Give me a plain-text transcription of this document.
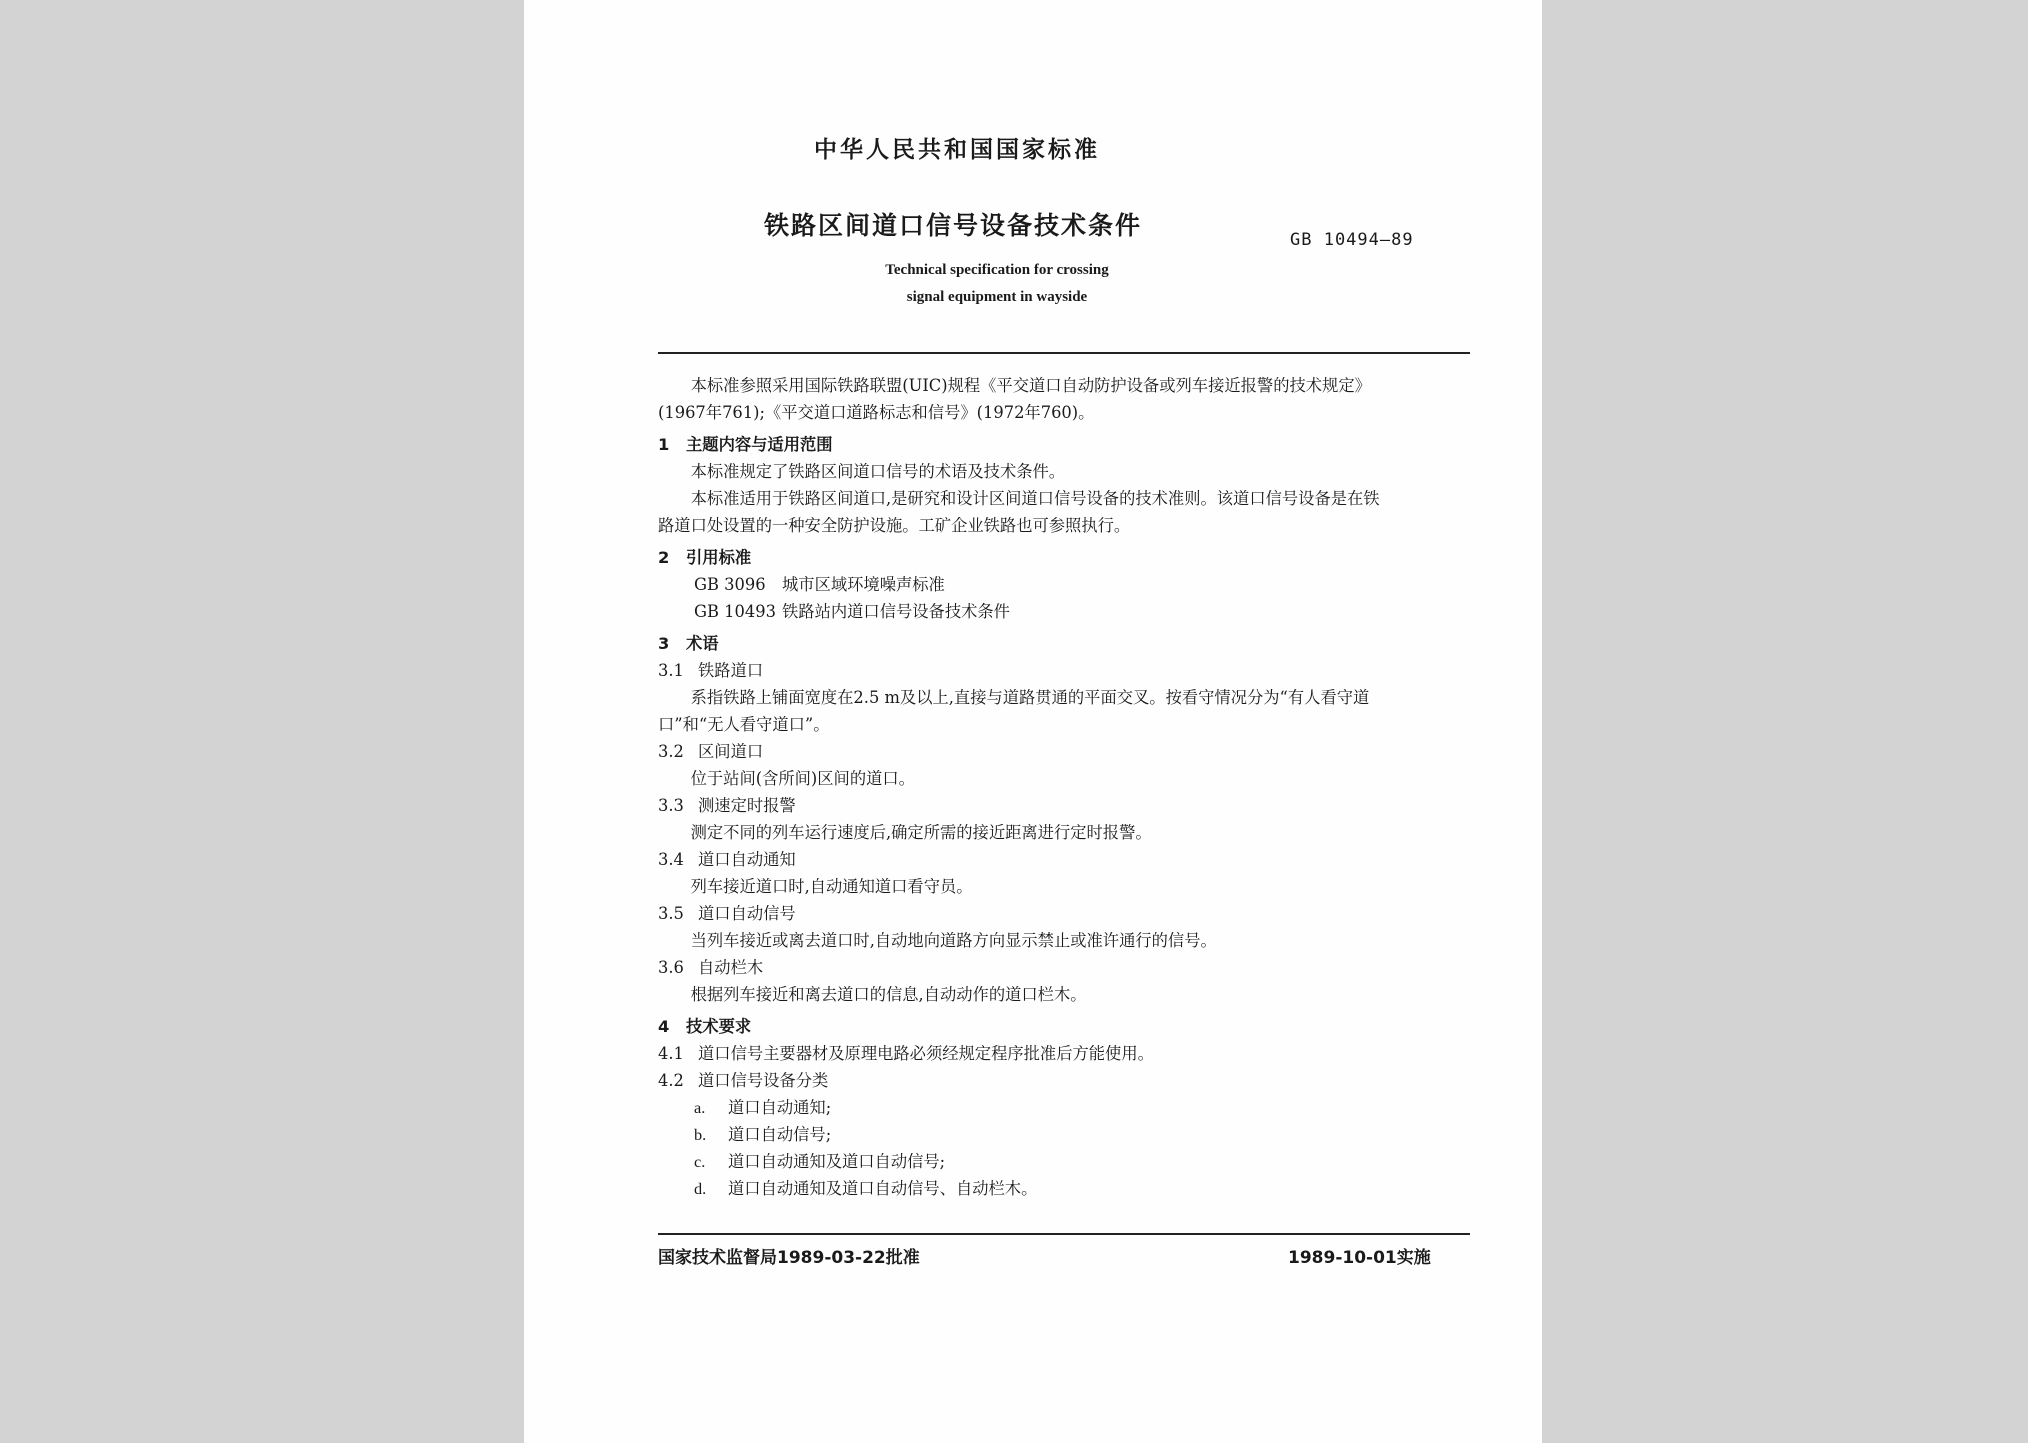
中华人民共和国国家标准
铁路区间道口信号设备技术条件	GB 10494—89
Technical specification for crossing
signal equipment in wayside

本标准参照采用国际铁路联盟(UIC)规程《平交道口自动防护设备或列车接近报警的技术规定》

(1967年761);《平交道口道路标志和信号》(1972年760)。

1 主题内容与适用范围

本标准规定了铁路区间道口信号的术语及技术条件。

本标准适用于铁路区间道口,是研究和设计区间道口信号设备的技术准则。该道口信号设备是在铁

路道口处设置的一种安全防护设施。工矿企业铁路也可参照执行。

2 引用标准

GB 3096 城市区域环境噪声标准

GB 10493 铁路站内道口信号设备技术条件

3 术语

3.1 铁路道口

系指铁路上铺面宽度在2.5 m及以上,直接与道路贯通的平面交叉。按看守情况分为“有人看守道

口”和“无人看守道口”。

3.2 区间道口

位于站间(含所间)区间的道口。

3.3 测速定时报警

测定不同的列车运行速度后,确定所需的接近距离进行定时报警。

3.4 道口自动通知

列车接近道口时,自动通知道口看守员。

3.5 道口自动信号

当列车接近或离去道口时,自动地向道路方向显示禁止或准许通行的信号。

3.6 自动栏木

根据列车接近和离去道口的信息,自动动作的道口栏木。

4 技术要求

4.1 道口信号主要器材及原理电路必须经规定程序批准后方能使用。

4.2 道口信号设备分类

a. 道口自动通知;

b. 道口自动信号;

c. 道口自动通知及道口自动信号;

d. 道口自动通知及道口自动信号、自动栏木。

国家技术监督局1989-03-22批准	1989-10-01实施
